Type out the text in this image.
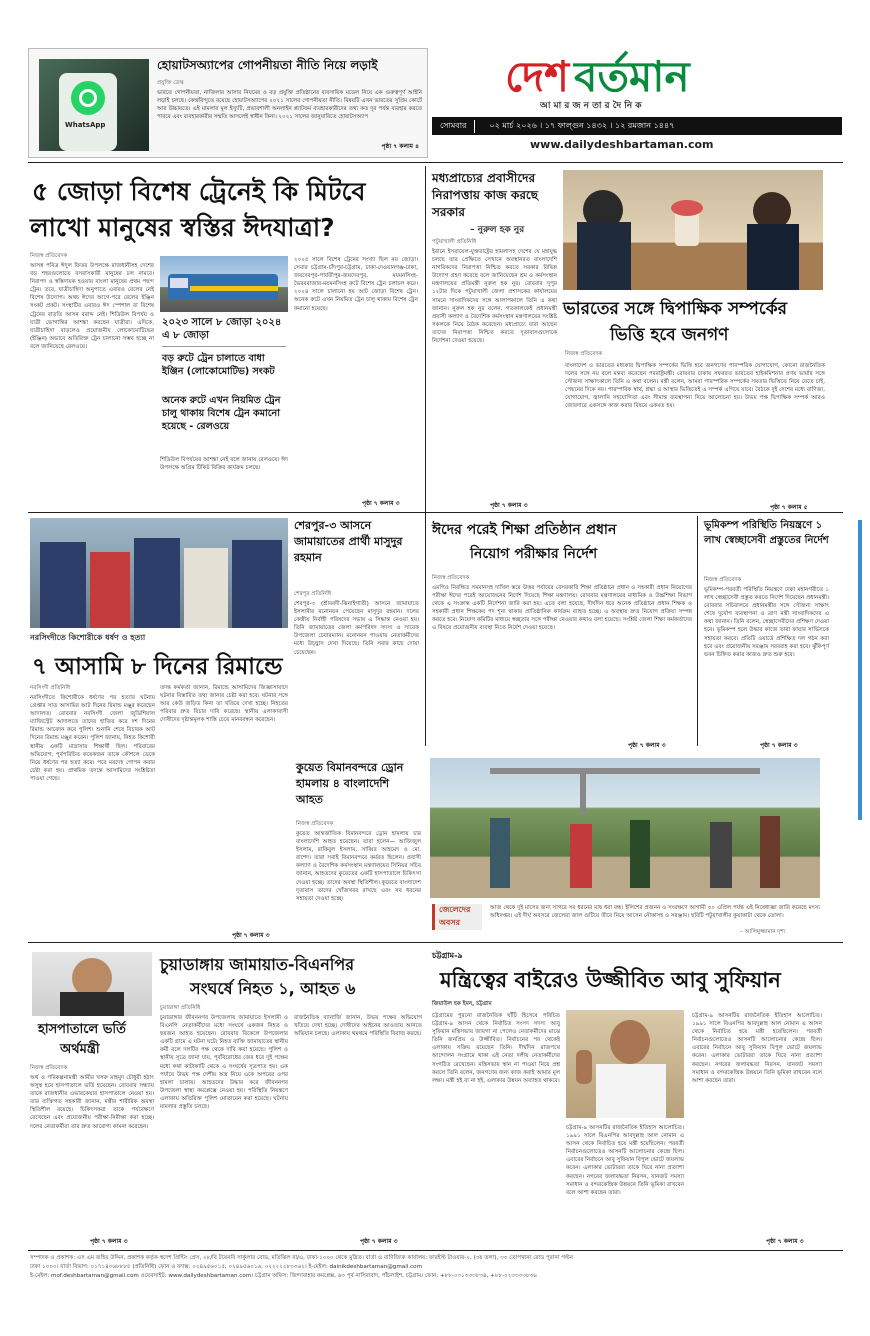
WhatsApp
হোয়াটসঅ্যাপের গোপনীয়তা নীতি নিয়ে লড়াই
প্রযুক্তি ডেস্ক
ভারতে গোপনীয়তা, নাজিলার আসার নিয়মের ও বড় প্রযুক্তি প্রতিষ্ঠানের ব্যবসায়িক মডেল নিয়ে এক গুরুত্বপূর্ণ আইনি লড়াই চলছে। কেন্দ্রবিন্দুতে রয়েছে হোয়াটসঅ্যাপের ২০২১ সালের গোপনীয়তা নীতি। বিষয়টি এখন ভারতের সুপ্রিম কোর্টে আর উচ্চায়তে। এই মামলার মূল ইস্যুটি, প্রভাবশালী অনলাইন প্ল্যাটফর্ম ব্যবহারকারীদের তথ্য কত দূর পর্যন্ত ব্যবহার করতে পারবে এবং ব্যবহারকারীর সম্মতি আসলেই স্বাধীন কিনা। ২০২১ সালের জানুয়ারিতে হোয়াটসঅ্যাপ
পৃষ্ঠা ৭ কলাম ৪
দেশ বর্তমান
আ মা র জ ন তা র দৈ নি ক
সোমবার	০২ মার্চ ২০২৬ । ১৭ ফাল্গুন ১৪৩২ । ১২ রমজান ১৪৪৭
www.dailydeshbartaman.com
৫ জোড়া বিশেষ ট্রেনেই কি মিটবে
লাখো মানুষের স্বস্তির ঈদযাত্রা?
নিজস্ব প্রতিবেদক
আসন্ন পবিত্র ঈদুল ফিতর উপলক্ষে রাজধানীসহ দেশের বড় শহরগুলোতে বসবাসকারী মানুষের ঢল নামবে। নিরাপদ ও স্বস্তিদায়ক হওয়ায় বাংলা মানুষের প্রথম পছন্দ ট্রেন। তবে, যাত্রীচাহিদা অনুপাতে এবারও রেলের নেই বিশেষ উদ্যোগ। অথচ ঈদের আগে-পরে রেলের ইঞ্জিন সংকট প্রকট। সংস্থাটির এবারও ঈদ স্পেশাল বা বিশেষ ট্রেনের বাড়তি আসন বরাদ্দ নেই। শিডিউল বিপর্যয় ও যাত্রী ভোগান্তির আশঙ্কা করছেন যাত্রীরা। এদিকে, যাত্রীচাহিদা বাড়লেও প্রয়োজনীয় লোকোমোটিভের (ইঞ্জিন) অভাবে অতিরিক্ত ট্রেন চালানো সম্ভব হচ্ছে না বলে জানিয়েছে রেলওয়ে।
২০২৩ সালে ৮ জোড়া ২০২৪ এ ৮ জোড়া
বড় রুটে ট্রেন চালাতে বাধা ইঞ্জিন (লোকোমোটিভ) সংকট
অনেক রুটে এখন নিয়মিত ট্রেন চালু থাকায় বিশেষ ট্রেন কমানো হয়েছে - রেলওয়ে
শিডিউল বিপর্যয়ের আশঙ্কা নেই বলে জানায় রেলওয়ে। ঈদ উপলক্ষে অগ্রিম টিকিট বিক্রির কার্যক্রম চলছে।
২০২৫ সালে বিশেষ ট্রেনের সংখ্যা ছিল নয় জোড়া। সেবার চট্টগ্রাম-চাঁদপুর-চট্টগ্রাম, ঢাকা-দেওয়ানগঞ্জ-ঢাকা, জয়দেবপুর-পার্বতীপুর-জয়দেবপুর, ময়মনসিংহ-ভৈরববাজার-ময়মনসিংহ রুটে বিশেষ ট্রেন চলাচল করে। ২০২৪ সালে চালানো হয় আট জোড়া বিশেষ ট্রেন। অনেক রুটে এখন নিয়মিত ট্রেন চালু থাকায় বিশেষ ট্রেন কমানো হয়েছে।
পৃষ্ঠা ৭ কলাম ৩
মধ্যপ্রাচ্যের প্রবাসীদের নিরাপত্তায় কাজ করছে সরকার
– নুরুল হক নুর
পটুয়াখালী প্রতিনিধি
ইরানে ইসরায়েল-যুক্তরাষ্ট্রের হামলাসহ দেশের যে মহাযুদ্ধ চলছে তার প্রেক্ষিতে সেখানে অবস্থানরত বাংলাদেশি নাগরিকদের নিরাপত্তা নিশ্চিত করতে সরকার বিভিন্ন উদ্যোগ গ্রহণ করেছে বলে জানিয়েছেন শ্রম ও কর্মসংস্থান মন্ত্রণালয়ের প্রতিমন্ত্রী নুরুল হক নুর। রোববার দুপুর ১২টার দিকে পটুয়াখালী জেলা প্রশাসকের কার্যালয়ের সামনে সাংবাদিকদের সঙ্গে আলাপকালে তিনি এ কথা জানান। নুরুল হক নুর বলেন, গতকালকেই প্রধানমন্ত্রী প্রবাসী কল্যাণ ও বৈদেশিক কর্মসংস্থান মন্ত্রণালয়ের সংশ্লিষ্ট সকলকে নিয়ে বৈঠক করেছেন। মধ্যপ্রাচ্যে যারা আছেন তাদের নিরাপত্তা নিশ্চিত করতে দূতাবাসগুলোকে নির্দেশনা দেওয়া হয়েছে।
পৃষ্ঠা ৭ কলাম ৩
ভারতের সঙ্গে দ্বিপাক্ষিক সম্পর্কের
ভিত্তি হবে জনগণ
নিজস্ব প্রতিবেদক
বাংলাদেশ ও ভারতের মধ্যকার দ্বিপাক্ষিক সম্পর্কের ভিত্তি হবে জনগণের পারস্পরিক যোগাযোগ, কোনো রাজনৈতিক দলের সঙ্গে নয় বলে মন্তব্য করেছেন পররাষ্ট্রমন্ত্রী। রোববার ঢাকায় সফররত ভারতের হাইকমিশনার প্রণয় ভার্মার সঙ্গে সৌজন্য সাক্ষাৎকালে তিনি এ কথা বলেন। মন্ত্রী বলেন, আমরা পারস্পরিক সম্পর্কের সমতার ভিত্তিতে নিয়ে যেতে চাই, পেছনের দিকে নয়। পারস্পরিক স্বার্থ, শ্রদ্ধা ও আস্থার ভিত্তিতেই এ সম্পর্ক এগিয়ে যাবে। বৈঠকে দুই দেশের মধ্যে বাণিজ্য, যোগাযোগ, জ্বালানি সহযোগিতা এবং সীমান্ত ব্যবস্থাপনা নিয়ে আলোচনা হয়। উভয় পক্ষ দ্বিপাক্ষিক সম্পর্ক আরও জোরদারে একসঙ্গে কাজ করার বিষয়ে একমত হয়।
পৃষ্ঠা ৭ কলাম ৫
নরসিংদীতে কিশোরীকে ধর্ষণ ও হত্যা
৭ আসামি ৮ দিনের রিমান্ডে
শেরপুর-৩ আসনে জামায়াতের প্রার্থী মাসুদুর রহমান
শেরপুর প্রতিনিধি
শেরপুর-৩ (শ্রীবরদী-ঝিনাইগাতী) আসনে জামায়াতে ইসলামীর মনোনয়ন পেয়েছেন মাসুদুর রহমান। দলের কেন্দ্রীয় নির্বাহী পরিষদের সভায় এ সিদ্ধান্ত নেওয়া হয়। তিনি জামায়াতের জেলা কর্মপরিষদ সদস্য ও সাবেক উপজেলা চেয়ারম্যান। মনোনয়ন পাওয়ায় নেতাকর্মীদের মধ্যে উচ্ছ্বাস দেখা দিয়েছে। তিনি সবার কাছে দোয়া চেয়েছেন।
ঈদের পরেই শিক্ষা প্রতিষ্ঠান প্রধান
নিয়োগ পরীক্ষার নির্দেশ
নিজস্ব প্রতিবেদক
এমপিও নিবন্ধিত সমমানসহ দাখিল স্তরে উত্তর পর্যায়ের বেসরকারি শিক্ষা প্রতিষ্ঠানে প্রধান ও সহকারী প্রধান নিয়োগের পরীক্ষা ঈদের পরেই আয়োজনের নির্দেশ দিয়েছে শিক্ষা মন্ত্রণালয়। রোববার মন্ত্রণালয়ের মাধ্যমিক ও উচ্চশিক্ষা বিভাগ থেকে এ সংক্রান্ত একটি নির্দেশনা জারি করা হয়। এতে বলা হয়েছে, দীর্ঘদিন ধরে অনেক প্রতিষ্ঠানে প্রধান শিক্ষক ও সহকারী প্রধান শিক্ষকের পদ শূন্য থাকায় প্রাতিষ্ঠানিক কার্যক্রম ব্যাহত হচ্ছে। এ অবস্থায় দ্রুত নিয়োগ প্রক্রিয়া সম্পন্ন করতে হবে। নিয়োগ কমিটির মাধ্যমে স্বচ্ছতার সঙ্গে পরীক্ষা নেওয়ার কথাও বলা হয়েছে। সংশ্লিষ্ট জেলা শিক্ষা কর্মকর্তাদের এ বিষয়ে প্রয়োজনীয় ব্যবস্থা নিতে নির্দেশ দেওয়া হয়েছে।
পৃষ্ঠা ৭ কলাম ৩
ভূমিকম্প পরিস্থিতি নিয়ন্ত্রণে ১ লাখ স্বেচ্ছাসেবী প্রস্তুতের নির্দেশ
নিজস্ব প্রতিবেদক
ভূমিকম্প-পরবর্তী পরিস্থিতি নিয়ন্ত্রণে ঢাকা মহানগরীতে ১ লাখ স্বেচ্ছাসেবী প্রস্তুত করতে নির্দেশ দিয়েছেন প্রধানমন্ত্রী। রোববার সচিবালয়ে প্রধানমন্ত্রীর সঙ্গে সৌজন্য সাক্ষাৎ শেষে দুর্যোগ ব্যবস্থাপনা ও ত্রাণ মন্ত্রী সাংবাদিকদের এ কথা জানান। তিনি বলেন, স্বেচ্ছাসেবীদের প্রশিক্ষণ দেওয়া হবে। ভূমিকম্প হলে উদ্ধার কাজে তারা ফায়ার সার্ভিসকে সহায়তা করবে। প্রতিটি ওয়ার্ডে প্রশিক্ষিত দল গঠন করা হবে এবং প্রয়োজনীয় সরঞ্জাম সরবরাহ করা হবে। ঝুঁকিপূর্ণ ভবন চিহ্নিত করার কাজও দ্রুত শুরু হবে।
পৃষ্ঠা ৭ কলাম ৩
নরসিংদী প্রতিনিধি
নরসিংদীতে কিশোরীকে ধর্ষণের পর হত্যার ঘটনায় গ্রেপ্তার সাত আসামির আট দিনের রিমান্ড মঞ্জুর করেছেন আদালত। রোববার নরসিংদী জেলা জুডিশিয়াল ম্যাজিস্ট্রেট আদালতে তাদের হাজির করে দশ দিনের রিমান্ড আবেদন করে পুলিশ। শুনানি শেষে বিচারক আট দিনের রিমান্ড মঞ্জুর করেন। পুলিশ জানায়, নিহত কিশোরী স্থানীয় একটি মাদ্রাসার শিক্ষার্থী ছিল। পরিবারের অভিযোগ, পূর্বপরিচিত কয়েকজন তাকে কৌশলে ডেকে নিয়ে ধর্ষণের পর হত্যা করে। পরে মরদেহ গোপন করার চেষ্টা করা হয়। প্রাথমিক তদন্তে আসামিদের সংশ্লিষ্টতা পাওয়া গেছে।
তদন্ত কর্মকর্তা জানান, রিমান্ডে আসামিদের জিজ্ঞাসাবাদে ঘটনার বিস্তারিত তথ্য জানার চেষ্টা করা হবে। ঘটনার সঙ্গে আর কেউ জড়িত কিনা তা খতিয়ে দেখা হচ্ছে। নিহতের পরিবার দ্রুত বিচার দাবি করেছে। স্থানীয় এলাকাবাসী দোষীদের দৃষ্টান্তমূলক শাস্তি চেয়ে মানববন্ধন করেছেন।
পৃষ্ঠা ৭ কলাম ৩
কুয়েত বিমানবন্দরে ড্রোন হামলায় ৪ বাংলাদেশি আহত
নিজস্ব প্রতিবেদক
কুয়েত আন্তর্জাতিক বিমানবন্দরে ড্রোন হামলায় চার বাংলাদেশি আহত হয়েছেন। তারা হলেন— আজিজুল ইসলাম, রাকিবুল ইসলাম, সাব্বির আহমেদ ও মো. রাশেদ। তারা সবাই বিমানবন্দরে কর্মরত ছিলেন। প্রবাসী কল্যাণ ও বৈদেশিক কর্মসংস্থান মন্ত্রণালয়ের সিনিয়র সচিব জানান, আহতদের কুয়েতের একটি হাসপাতালে চিকিৎসা দেওয়া হচ্ছে। তাদের অবস্থা স্থিতিশীল। কুয়েতে বাংলাদেশ দূতাবাস তাদের খোঁজখবর রাখছে এবং সব ধরনের সহায়তা দেওয়া হচ্ছে।
জেলেদের
অবসর
আজ থেকে দুই মাসের জন্য সাগরে সব ধরনের মাছ ধরা বন্ধ। ইলিশের প্রজনন ও সংরক্ষণে আগামী ৩০ এপ্রিল পর্যন্ত এই নিষেধাজ্ঞা জারি করেছে মৎস্য অধিদপ্তর। এই দীর্ঘ অবসরে জেলেরা জাল গুটিয়ে তীরে নিয়ে আসেন নৌকাসহ ও সরঞ্জাম। ছবিটি পটুয়াখালীর কুয়াকাটা থেকে তোলা।
– আলিমুজ্জামান দৃশ্য
হাসপাতালে ভর্তি
অর্থমন্ত্রী
নিজস্ব প্রতিবেদক
অর্থ ও পরিকল্পনামন্ত্রী আমীর খসরু মাহমুদ চৌধুরী হঠাৎ অসুস্থ হয়ে হাসপাতালে ভর্তি হয়েছেন। রোববার সন্ধ্যায় তাকে রাজধানীর এভারকেয়ার হাসপাতালে নেওয়া হয়। তার ব্যক্তিগত সহকারী জানান, মন্ত্রীর শারীরিক অবস্থা স্থিতিশীল রয়েছে। চিকিৎসকরা তাকে পর্যবেক্ষণে রেখেছেন এবং প্রয়োজনীয় পরীক্ষা-নিরীক্ষা করা হচ্ছে। দলের নেতাকর্মীরা তার দ্রুত আরোগ্য কামনা করেছেন।
পৃষ্ঠা ৭ কলাম ৩
চুয়াডাঙ্গায় জামায়াত-বিএনপির
সংঘর্ষে নিহত ১, আহত ৬
চুয়াডাঙ্গা প্রতিনিধি
চুয়াডাঙ্গার জীবননগর উপজেলায় জামায়াতে ইসলামী ও বিএনপি নেতাকর্মীদের মধ্যে সংঘর্ষে একজন নিহত ও ছয়জন আহত হয়েছেন। রোববার বিকেলে উপজেলার একটি গ্রামে এ ঘটনা ঘটে। নিহত ব্যক্তি জামায়াতের স্থানীয় কর্মী বলে দলটির পক্ষ থেকে দাবি করা হয়েছে। পুলিশ ও স্থানীয় সূত্রে জানা যায়, পূর্ববিরোধের জের ধরে দুই পক্ষের মধ্যে কথা কাটাকাটি থেকে এ সংঘর্ষের সূত্রপাত হয়। এক পর্যায়ে উভয় পক্ষ দেশীয় অস্ত্র নিয়ে একে অপরের ওপর হামলা চালায়। আহতদের উদ্ধার করে জীবননগর উপজেলা স্বাস্থ্য কমপ্লেক্সে নেওয়া হয়। পরিস্থিতি নিয়ন্ত্রণে এলাকায় অতিরিক্ত পুলিশ মোতায়েন করা হয়েছে। ঘটনায় মামলার প্রস্তুতি চলছে।
রাজনৈতিক ব্যানার্জি জানান, উভয় পক্ষের অভিযোগ খতিয়ে দেখা হচ্ছে। দোষীদের আইনের আওতায় আনতে অভিযান চলছে। এলাকায় থমথমে পরিস্থিতি বিরাজ করছে।
পৃষ্ঠা ৭ কলাম ৩
চট্টগ্রাম-৯
মন্ত্রিত্বের বাইরেও উজ্জীবিত আবু সুফিয়ান
জিয়াউল হক ইমন, চট্টগ্রাম
চট্টগ্রামের পুরনো রাজনৈতিক ঘাঁটি হিসেবে পরিচিত চট্টগ্রাম-৯ আসন থেকে নির্বাচিত সংসদ সদস্য আবু সুফিয়ান মন্ত্রিসভায় জায়গা না পেলেও নেতাকর্মীদের মাঝে তিনি জনপ্রিয় ও উজ্জীবিত। নির্বাচনের পর থেকেই এলাকায় সক্রিয় রয়েছেন তিনি। দীর্ঘদিন রাজপথে আন্দোলন সংগ্রামে থাকা এই নেতা দলীয় নেতাকর্মীদের সংগঠিত রেখেছেন। মন্ত্রিসভায় স্থান না পাওয়া নিয়ে প্রশ্ন করলে তিনি বলেন, জনগণের জন্য কাজ করাই আমার মূল লক্ষ্য। মন্ত্রী হই বা না হই, এলাকার উন্নয়ন অব্যাহত থাকবে।
চট্টগ্রাম-৯ আসনটির রাজনৈতিক ইতিহাস আলোচিত। ১৯৯১ সালে বিএনপির আবদুল্লাহ আল নোমান এ আসন থেকে নির্বাচিত হয়ে মন্ত্রী হয়েছিলেন। পরবর্তী নির্বাচনগুলোতেও আসনটি আলোচনার কেন্দ্রে ছিল। এবারের নির্বাচনে আবু সুফিয়ান বিপুল ভোটে জয়লাভ করেন। এলাকার ভোটাররা তাকে ঘিরে নানা প্রত্যাশা করছেন। নগরের জলাবদ্ধতা নিরসন, যানজট সমস্যা সমাধান ও বন্দরকেন্দ্রিক উন্নয়নে তিনি ভূমিকা রাখবেন বলে আশা করছেন তারা।
চট্টগ্রাম-৯ আসনটির রাজনৈতিক ইতিহাস আলোচিত। ১৯৯১ সালে বিএনপির আবদুল্লাহ আল নোমান এ আসন থেকে নির্বাচিত হয়ে মন্ত্রী হয়েছিলেন। পরবর্তী নির্বাচনগুলোতেও আসনটি আলোচনার কেন্দ্রে ছিল। এবারের নির্বাচনে আবু সুফিয়ান বিপুল ভোটে জয়লাভ করেন। এলাকার ভোটাররা তাকে ঘিরে নানা প্রত্যাশা করছেন। নগরের জলাবদ্ধতা নিরসন, যানজট সমস্যা সমাধান ও বন্দরকেন্দ্রিক উন্নয়নে তিনি ভূমিকা রাখবেন বলে আশা করছেন তারা।
পৃষ্ঠা ৭ কলাম ৩
সম্পাদক ও প্রকাশক: এস এম জহির উদ্দিন, প্রকাশক কর্তৃক স্বদেশ প্রিন্টিং প্রেস, ২৮/বি টয়েনবি সার্কুলার রোড, মতিঝিল বা/এ, ঢাকা-১০০০ থেকে মুদ্রিত। বার্তা ও বাণিজ্যিক কার্যালয়: ফারইস্ট টাওয়ার-২, (৩য় তলা), ৩৩ তোপখানা রোড পুরানা পল্টন
ঢাকা ১০০০। বার্তা বিভাগ: ০১৭১৪০৬৮৮৮৫ (প্রতিনিধি) ফোন ও ফ্যাক্স: ০২৪৯৫৬০১৫, ০২৪৯৫৬০১৬, ০২২২২২৮৩৩৬২। ই-মেইল: dainikdeshbartaman@gmail.com
ই-মেইল: mof.deshbartaman@gmail.com ওয়েবসাইট: www.dailydeshbartaman.com। চট্টগ্রাম অফিস: জিন্দাবাহার কমপ্লেক্স, ৬৩ পূর্ব নাসিরাবাদ, পাঁচলাইশ, চট্টগ্রাম। ফোন: +৮৮-০৩১৩৩৩৮৩৪, +৮৮-০২৩৩৩৩৮৩৬
